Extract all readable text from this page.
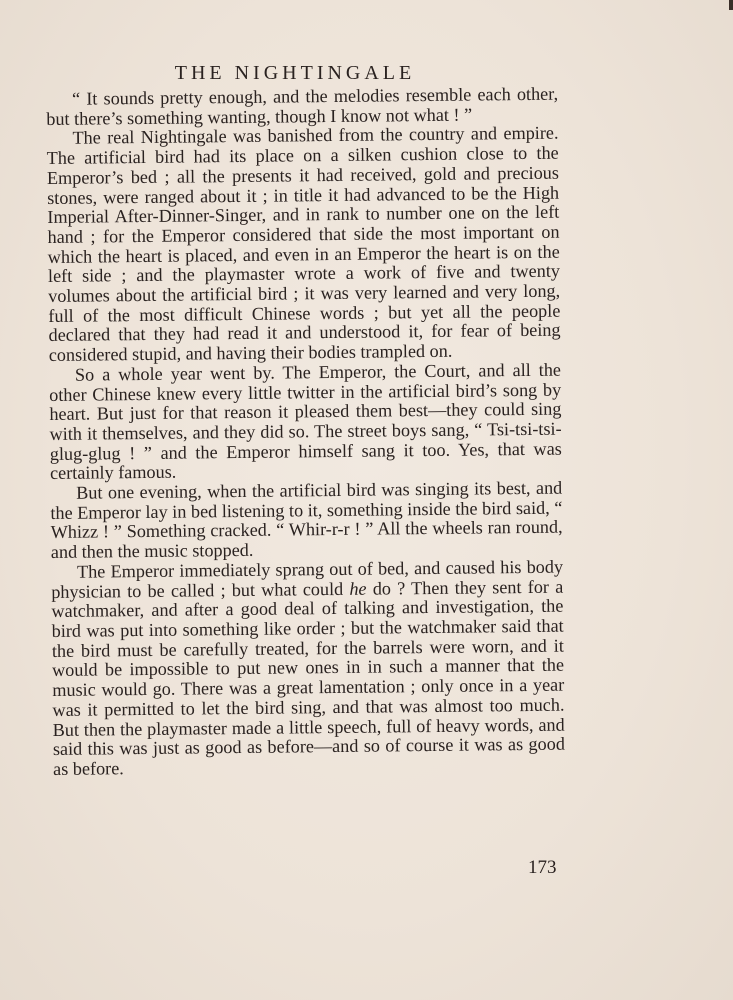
THE NIGHTINGALE

“ It sounds pretty enough, and the melodies resemble each other, but there’s something wanting, though I know not what ! ”

The real Nightingale was banished from the country and empire. The artificial bird had its place on a silken cushion close to the Emperor’s bed ; all the presents it had received, gold and precious stones, were ranged about it ; in title it had advanced to be the High Imperial After-Dinner-Singer, and in rank to number one on the left hand ; for the Emperor considered that side the most important on which the heart is placed, and even in an Emperor the heart is on the left side ; and the playmaster wrote a work of five and twenty volumes about the artificial bird ; it was very learned and very long, full of the most difficult Chinese words ; but yet all the people declared that they had read it and understood it, for fear of being considered stupid, and having their bodies trampled on.

So a whole year went by. The Emperor, the Court, and all the other Chinese knew every little twitter in the artificial bird’s song by heart. But just for that reason it pleased them best—they could sing with it themselves, and they did so. The street boys sang, “ Tsi-tsi-tsi-glug-glug ! ” and the Emperor himself sang it too. Yes, that was certainly famous.

But one evening, when the artificial bird was singing its best, and the Emperor lay in bed listening to it, something inside the bird said, “ Whizz ! ” Something cracked. “ Whir-r-r ! ” All the wheels ran round, and then the music stopped.

The Emperor immediately sprang out of bed, and caused his body physician to be called ; but what could he do ? Then they sent for a watchmaker, and after a good deal of talking and investigation, the bird was put into something like order ; but the watchmaker said that the bird must be carefully treated, for the barrels were worn, and it would be impossible to put new ones in in such a manner that the music would go. There was a great lamentation ; only once in a year was it permitted to let the bird sing, and that was almost too much. But then the playmaster made a little speech, full of heavy words, and said this was just as good as before—and so of course it was as good as before.

173
